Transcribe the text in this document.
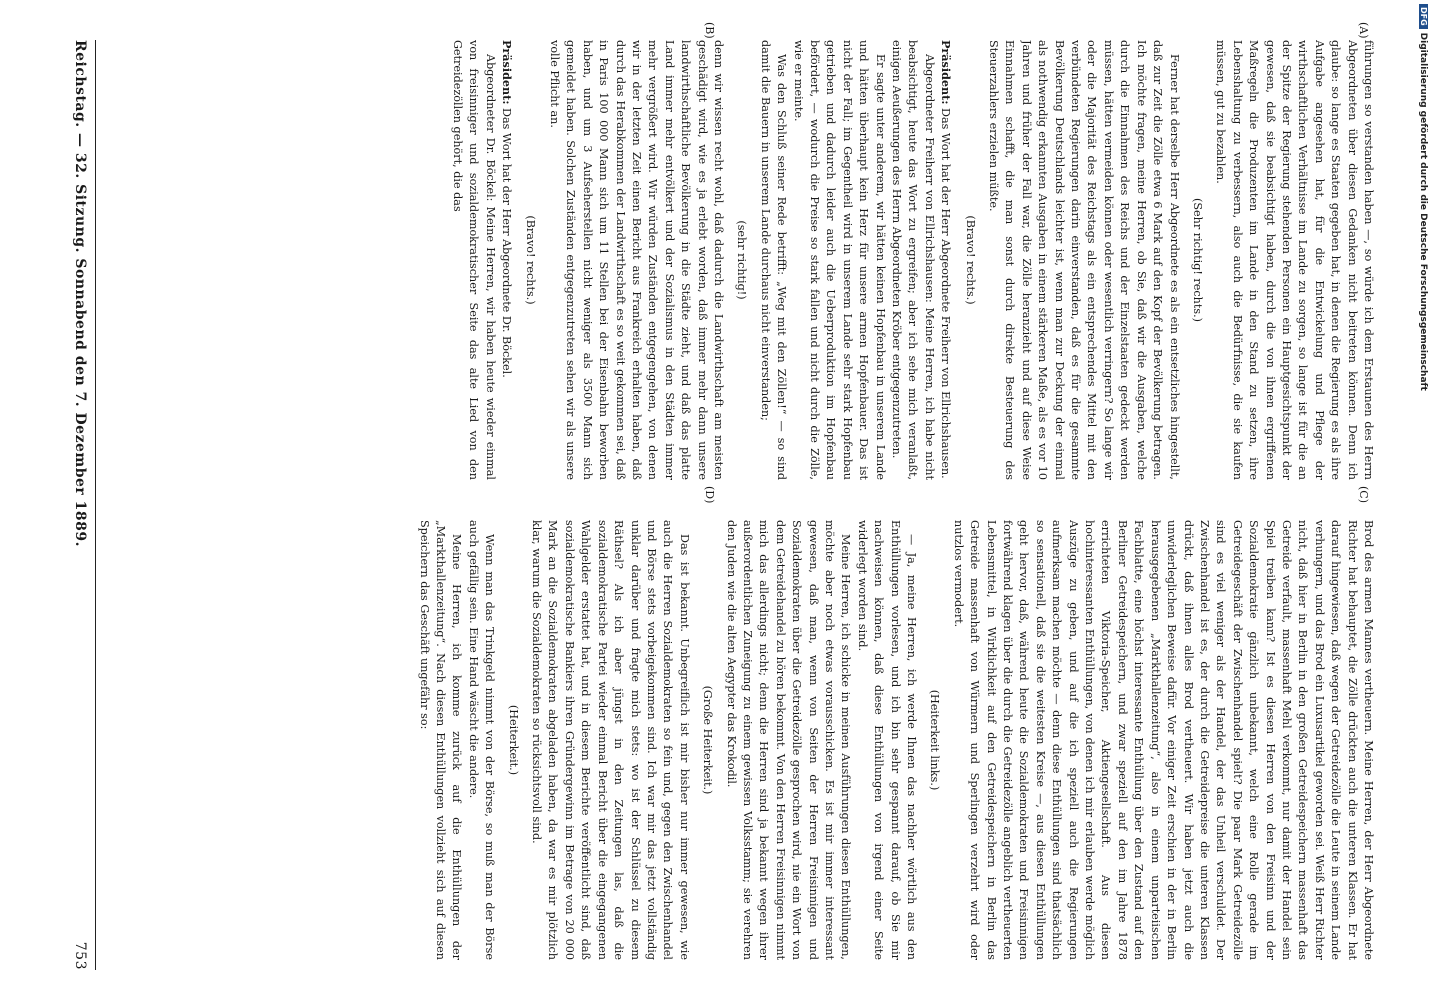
Reichstag. — 32. Sitzung. Sonnabend den 7. Dezember 1889.
753
(A)
(B)
(C)
(D)

führungen so verstanden haben —, so würde ich dem Erstaunen des Herrn Abgeordneten über diesen Gedanken nicht beitreten können. Denn ich glaube: so lange es Staaten gegeben hat, in denen die Regierung es als ihre Aufgabe angesehen hat, für die Entwickelung und Pflege der wirthschaftlichen Verhältnisse im Lande zu sorgen, so lange ist für die an der Spitze der Regierung stehenden Personen ein Hauptgesichtspunkt der gewesen, daß sie beabsichtigt haben, durch die von ihnen ergriffenen Maßregeln die Produzenten im Lande in den Stand zu setzen, ihre Lebenshaltung zu verbessern, also auch die Bedürfnisse, die sie kaufen müssen, gut zu bezahlen.

(Sehr richtig! rechts.)

Ferner hat derselbe Herr Abgeordnete es als ein entsetzliches hingestellt, daß zur Zeit die Zölle etwa 6 Mark auf den Kopf der Bevölkerung betragen. Ich möchte fragen, meine Herren, ob Sie, daß wir die Ausgaben, welche durch die Einnahmen des Reichs und der Einzelstaaten gedeckt werden müssen, hätten vermeiden können oder wesentlich verringern? So lange wir oder die Majorität des Reichstags als ein entsprechendes Mittel mit den verbündeten Regierungen darin einverstanden, daß es für die gesammte Bevölkerung Deutschlands leichter ist, wenn man zur Deckung der einmal als nothwendig erkannten Ausgaben in einem stärkeren Maße, als es vor 10 Jahren und früher der Fall war, die Zölle heranzieht und auf diese Weise Einnahmen schafft, die man sonst durch direkte Besteuerung des Steuerzahlers erzielen müßte.

(Bravo! rechts.)

Präsident: Das Wort hat der Herr Abgeordnete Freiherr von Ellrichshausen.

Abgeordneter Freiherr von Ellrichshausen: Meine Herren, ich habe nicht beabsichtigt, heute das Wort zu ergreifen; aber ich sehe mich veranlaßt, einigen Aeußerungen des Herrn Abgeordneten Kröber entgegenzutreten.

Er sagte unter anderem, wir hätten keinen Hopfenbau in unserem Lande und hätten überhaupt kein Herz für unsere armen Hopfenbauer. Das ist nicht der Fall; im Gegentheil wird in unserem Lande sehr stark Hopfenbau getrieben und dadurch leider auch die Ueberproduktion im Hopfenbau befördert, — wodurch die Preise so stark fallen und nicht durch die Zölle, wie er meinte.

Was den Schluß seiner Rede betrifft: „Weg mit den Zöllen!“ — so sind damit die Bauern in unserem Lande durchaus nicht einverstanden;

(sehr richtig!)

denn wir wissen recht wohl, daß dadurch die Landwirthschaft am meisten geschädigt wird, wie es ja erlebt worden, daß immer mehr dann unsere landwirthschaftliche Bevölkerung in die Städte zieht, und daß das platte Land immer mehr entvölkert und der Sozialismus in den Städten immer mehr vergrößert wird. Wir würden Zuständen entgegengehen, von denen wir in der letzten Zeit einen Bericht aus Frankreich erhalten haben, daß durch das Herabkommen der Landwirthschaft es so weit gekommen sei, daß in Paris 100 000 Mann sich um 11 Stellen bei der Eisenbahn beworben haben, und um 3 Aufseherstellen nicht weniger als 3500 Mann sich gemeldet haben. Solchen Zuständen entgegenzutreten sehen wir als unsere volle Pflicht an.

(Bravo! rechts.)

Präsident: Das Wort hat der Herr Abgeordnete Dr. Böckel.

Abgeordneter Dr. Böckel: Meine Herren, wir haben heute wieder einmal von freisinniger und sozialdemokratischer Seite das alte Lied von den Getreidezöllen gehört, die das

Brod des armen Mannes vertheuern. Meine Herren, der Herr Abgeordnete Richter hat behauptet, die Zölle drückten auch die unteren Klassen. Er hat darauf hingewiesen, daß wegen der Getreidezölle die Leute in seinem Lande verhungern, und das Brod ein Luxusartikel geworden sei. Weiß Herr Richter nicht, daß hier in Berlin in den großen Getreidespeichern massenhaft das Getreide verfault, massenhaft Mehl verkommt, nur damit der Handel sein Spiel treiben kann? Ist es diesen Herren von den Freisinn und der Sozialdemokratie gänzlich unbekannt, welch eine Rolle gerade im Getreidegeschäft der Zwischenhandel spielt? Die paar Mark Getreidezölle sind es viel weniger als der Handel, der das Unheil verschuldet. Der Zwischenhandel ist es, der durch die Getreidepreise die unteren Klassen drückt, daß ihnen alles Brod vertheuert. Wir haben jetzt auch die unwiderleglichen Beweise dafür. Vor einiger Zeit erschien in der in Berlin herausgegebenen „Markthallenzeitung“, also in einem unparteiischen Fachblatte, eine höchst interessante Enthüllung über den Zustand auf den Berliner Getreidespeichern, und zwar speziell auf den im Jahre 1878 errichteten Viktoria-Speicher, Aktiengesellschaft. Aus diesen hochinteressanten Enthüllungen, von denen ich mir erlauben werde möglich Auszüge zu geben, und auf die ich speziell auch die Regierungen aufmerksam machen möchte — denn diese Enthüllungen sind thatsächlich so sensationell, daß sie die weitesten Kreise —, aus diesen Enthüllungen geht hervor, daß, während heute die Sozialdemokraten und Freisinnigen fortwährend klagen über die durch die Getreidezölle angeblich vertheuerten Lebensmittel, in Wirklichkeit auf den Getreidespeichern in Berlin das Getreide massenhaft von Würmern und Sperlingen verzehrt wird oder nutzlos vermodert.

(Heiterkeit links.)

— Ja, meine Herren, ich werde Ihnen das nachher wörtlich aus den Enthüllungen vorlesen, und ich bin sehr gespannt darauf, ob Sie mir nachweisen können, daß diese Enthüllungen von irgend einer Seite widerlegt worden sind.

Meine Herren, ich schicke in meinen Ausführungen diesen Enthüllungen, möchte aber noch etwas vorausschicken. Es ist mir immer interessant gewesen, daß man, wenn von Seiten der Herren Freisinnigen und Sozialdemokraten über die Getreidezölle gesprochen wird, nie ein Wort von dem Getreidehandel zu hören bekommt. Von den Herren Freisinnigen nimmt mich das allerdings nicht; denn die Herren sind ja bekannt wegen ihrer außerordentlichen Zuneigung zu einem gewissen Volksstamm; sie verehren den Juden wie die alten Aegypter das Krokodil.

(Große Heiterkeit.)

Das ist bekannt. Unbegreiflich ist mir bisher nur immer gewesen, wie auch die Herren Sozialdemokraten so fein und, gegen den Zwischenhandel und Börse stets vorbeigekommen sind. Ich war mir das jetzt vollständig unklar darüber und fragte mich stets: wo ist der Schlüssel zu diesem Räthsel? Als ich aber jüngst in den Zeitungen las, daß die sozialdemokratische Partei wieder einmal Bericht über die eingegangenen Wahlgelder erstattet hat, und in diesem Berichte veröffentlicht sind, daß sozialdemokratische Bankiers ihren Gründergewinn im Betrage von 20 000 Mark an die Sozialdemokraten abgeladen haben, da war es mir plötzlich klar, warum die Sozialdemokraten so rücksichtsvoll sind.

(Heiterkeit.)

Wenn man das Trinkgeld nimmt von der Börse, so muß man der Börse auch gefällig sein. Eine Hand wäscht die andere.

Meine Herren, ich komme zurück auf die Enthüllungen der „Markthallenzeitung“. Nach diesen Enthüllungen vollzieht sich auf diesen Speichern das Geschäft ungefähr so:

DFGDigitalisierung gefördert durch die Deutsche Forschungsgemeinschaft
